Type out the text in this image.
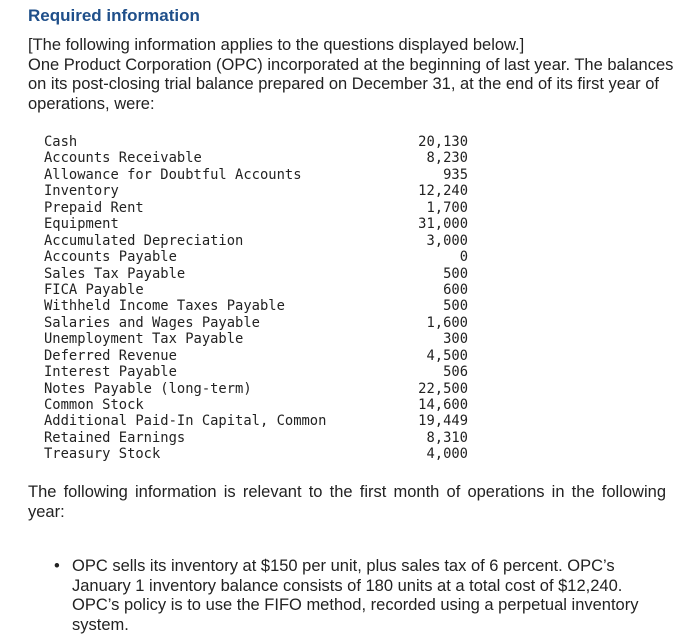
Required information
[The following information applies to the questions displayed below.]
One Product Corporation (OPC) incorporated at the beginning of last year. The balances on its post-closing trial balance prepared on December 31, at the end of its first year of operations, were:
Cash	20,130
Accounts Receivable	8,230
Allowance for Doubtful Accounts	935
Inventory	12,240
Prepaid Rent	1,700
Equipment	31,000
Accumulated Depreciation	3,000
Accounts Payable	0
Sales Tax Payable	500
FICA Payable	600
Withheld Income Taxes Payable	500
Salaries and Wages Payable	1,600
Unemployment Tax Payable	300
Deferred Revenue	4,500
Interest Payable	506
Notes Payable (long-term)	22,500
Common Stock	14,600
Additional Paid-In Capital, Common	19,449
Retained Earnings	8,310
Treasury Stock	4,000
The following information is relevant to the first month of operations in the following year:
• OPC sells its inventory at $150 per unit, plus sales tax of 6 percent. OPC’s January 1 inventory balance consists of 180 units at a total cost of $12,240. OPC’s policy is to use the FIFO method, recorded using a perpetual inventory system.
